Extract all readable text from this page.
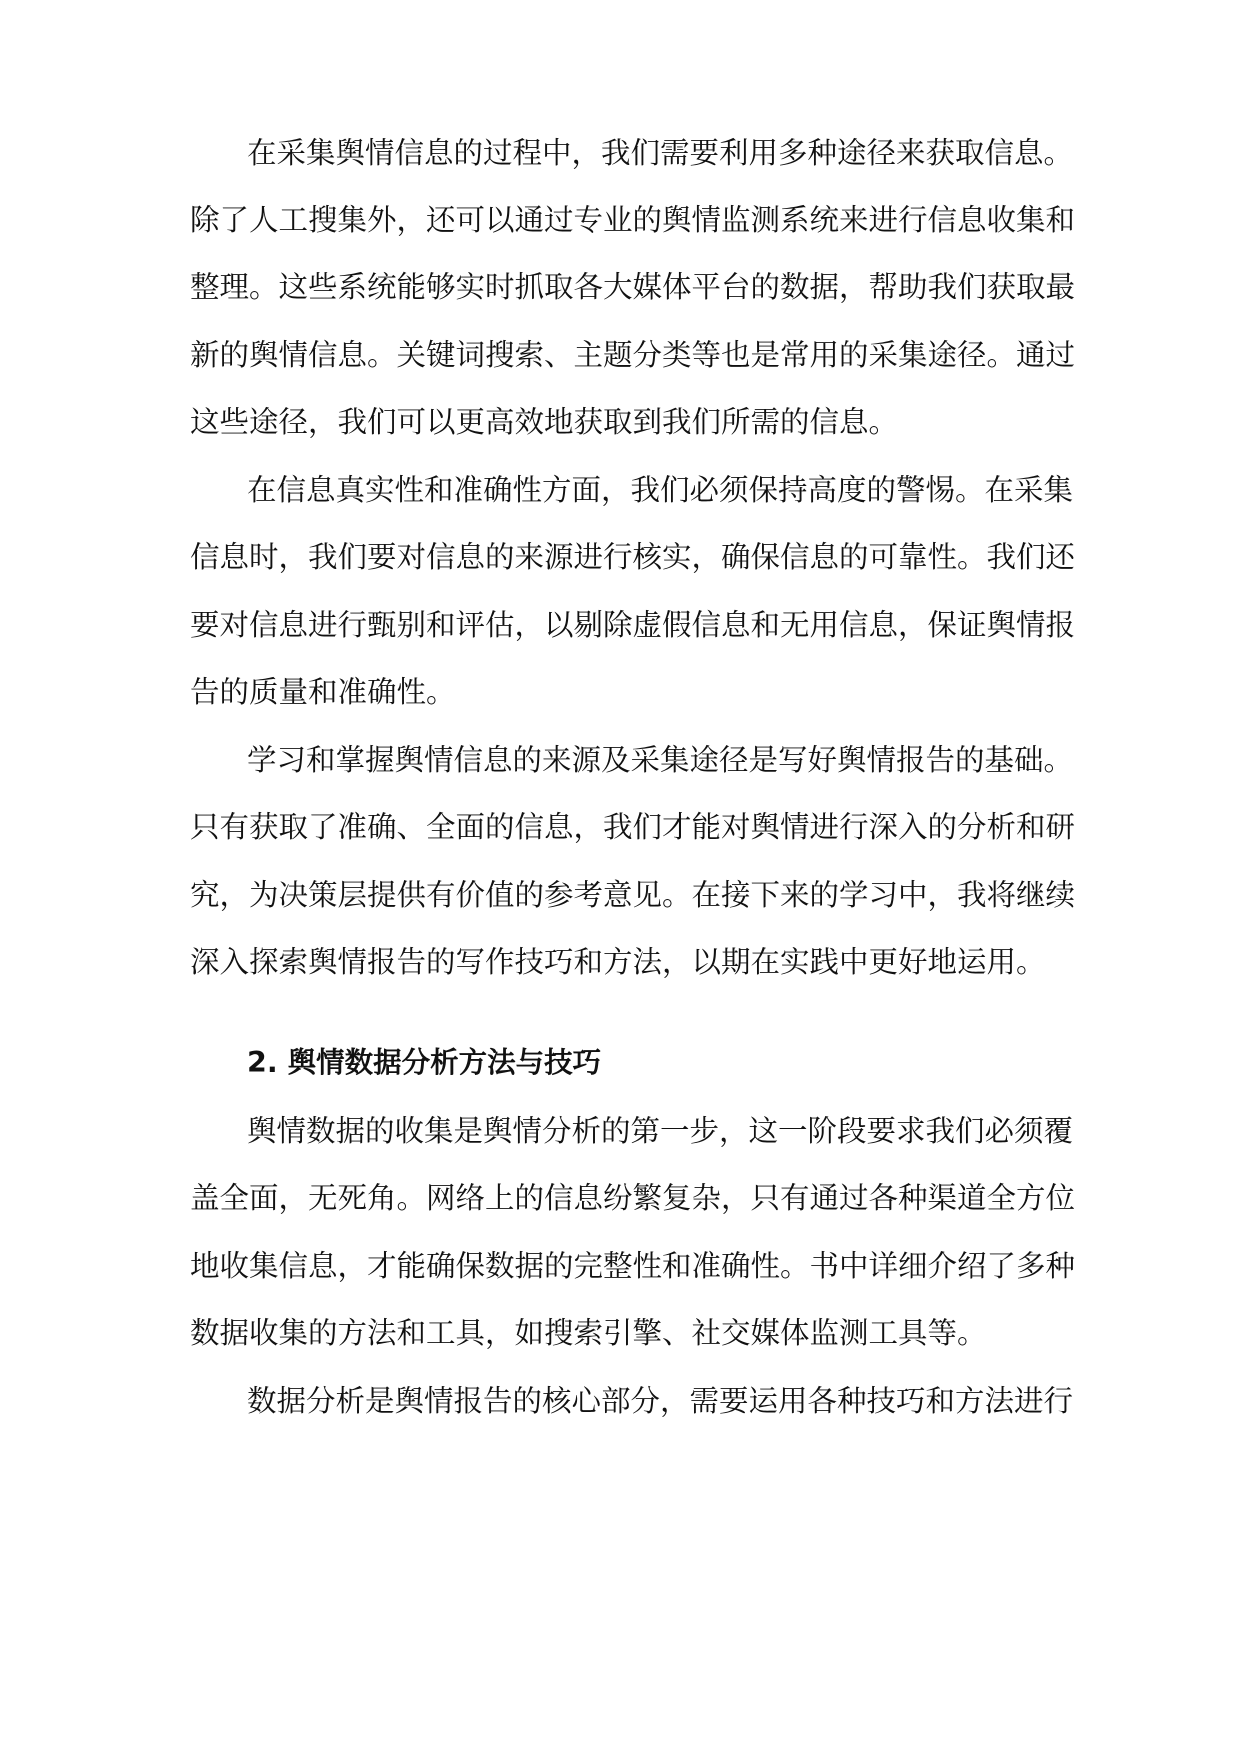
在采集舆情信息的过程中，我们需要利用多种途径来获取信息。
除了人工搜集外，还可以通过专业的舆情监测系统来进行信息收集和
整理。这些系统能够实时抓取各大媒体平台的数据，帮助我们获取最
新的舆情信息。关键词搜索、主题分类等也是常用的采集途径。通过
这些途径，我们可以更高效地获取到我们所需的信息。
在信息真实性和准确性方面，我们必须保持高度的警惕。在采集
信息时，我们要对信息的来源进行核实，确保信息的可靠性。我们还
要对信息进行甄别和评估，以剔除虚假信息和无用信息，保证舆情报
告的质量和准确性。
学习和掌握舆情信息的来源及采集途径是写好舆情报告的基础。
只有获取了准确、全面的信息，我们才能对舆情进行深入的分析和研
究，为决策层提供有价值的参考意见。在接下来的学习中，我将继续
深入探索舆情报告的写作技巧和方法，以期在实践中更好地运用。
2. 舆情数据分析方法与技巧
舆情数据的收集是舆情分析的第一步，这一阶段要求我们必须覆
盖全面，无死角。网络上的信息纷繁复杂，只有通过各种渠道全方位
地收集信息，才能确保数据的完整性和准确性。书中详细介绍了多种
数据收集的方法和工具，如搜索引擎、社交媒体监测工具等。
数据分析是舆情报告的核心部分，需要运用各种技巧和方法进行
